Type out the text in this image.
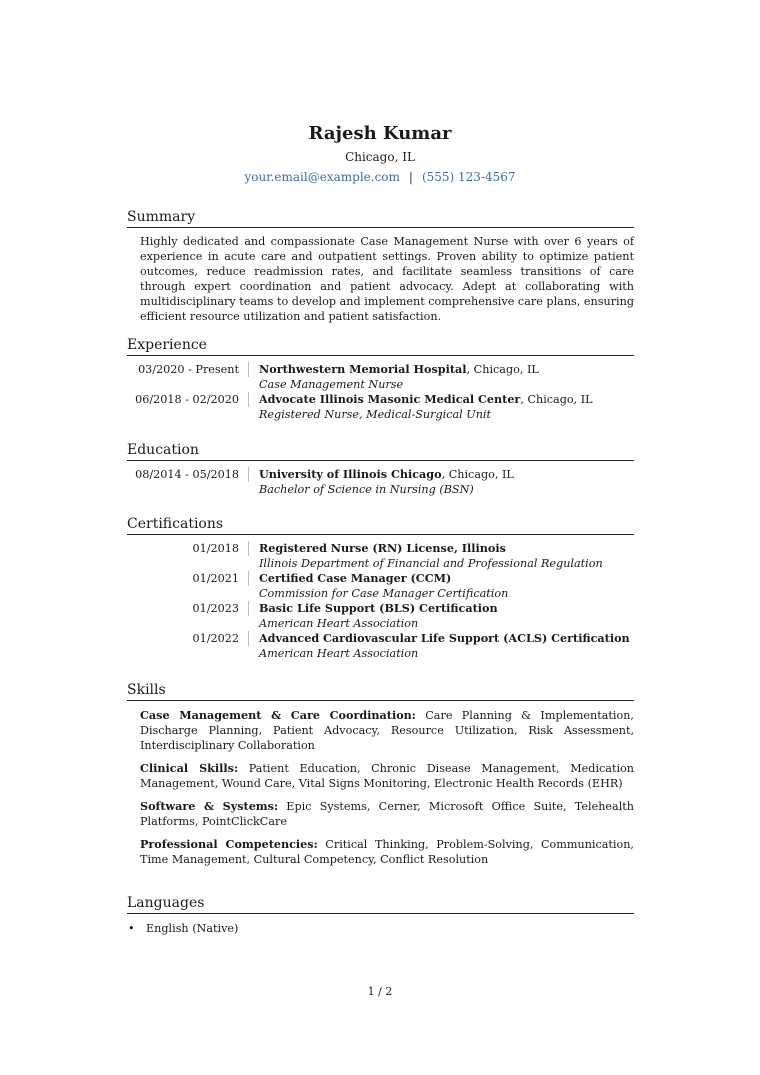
Rajesh Kumar
Chicago, IL
your.email@example.com | (555) 123-4567
Summary
Highly dedicated and compassionate Case Management Nurse with over 6 years of experience in acute care and outpatient settings. Proven ability to optimize patient outcomes, reduce readmission rates, and facilitate seamless transitions of care through expert coordination and patient advocacy. Adept at collaborating with multidisciplinary teams to develop and implement comprehensive care plans, ensuring efficient resource utilization and patient satisfaction.
Experience
03/2020 - Present	Northwestern Memorial Hospital, Chicago, IL
Case Management Nurse
06/2018 - 02/2020	Advocate Illinois Masonic Medical Center, Chicago, IL
Registered Nurse, Medical-Surgical Unit
Education
08/2014 - 05/2018	University of Illinois Chicago, Chicago, IL
Bachelor of Science in Nursing (BSN)
Certifications
01/2018	Registered Nurse (RN) License, Illinois
Illinois Department of Financial and Professional Regulation
01/2021	Certified Case Manager (CCM)
Commission for Case Manager Certification
01/2023	Basic Life Support (BLS) Certification
American Heart Association
01/2022	Advanced Cardiovascular Life Support (ACLS) Certification
American Heart Association
Skills
Case Management & Care Coordination: Care Planning & Implementation, Discharge Planning, Patient Advocacy, Resource Utilization, Risk Assessment, Interdisciplinary Collaboration
Clinical Skills: Patient Education, Chronic Disease Management, Medication Management, Wound Care, Vital Signs Monitoring, Electronic Health Records (EHR)
Software & Systems: Epic Systems, Cerner, Microsoft Office Suite, Telehealth Platforms, PointClickCare
Professional Competencies: Critical Thinking, Problem-Solving, Communication, Time Management, Cultural Competency, Conflict Resolution
Languages
•	English (Native)
1 / 2
